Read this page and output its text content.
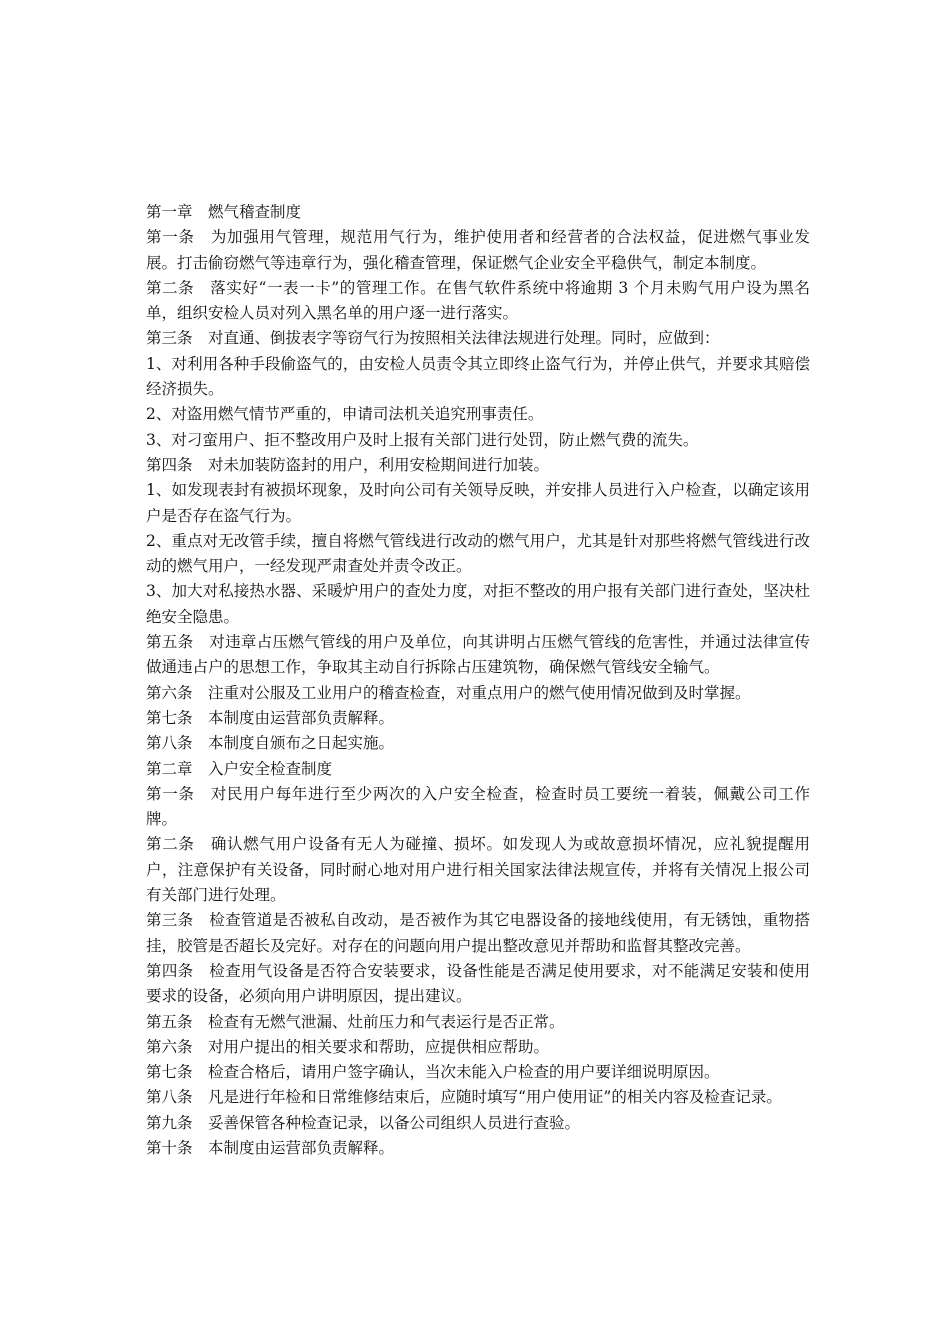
第一章　燃气稽查制度

第一条　为加强用气管理，规范用气行为，维护使用者和经营者的合法权益，促进燃气事业发展。打击偷窃燃气等违章行为，强化稽查管理，保证燃气企业安全平稳供气，制定本制度。

第二条　落实好“一表一卡”的管理工作。在售气软件系统中将逾期 3 个月未购气用户设为黑名单，组织安检人员对列入黑名单的用户逐一进行落实。

第三条　对直通、倒拔表字等窃气行为按照相关法律法规进行处理。同时，应做到：

1、对利用各种手段偷盗气的，由安检人员责令其立即终止盗气行为，并停止供气，并要求其赔偿经济损失。

2、对盗用燃气情节严重的，申请司法机关追究刑事责任。

3、对刁蛮用户、拒不整改用户及时上报有关部门进行处罚，防止燃气费的流失。

第四条　对未加装防盗封的用户，利用安检期间进行加装。

1、如发现表封有被损坏现象，及时向公司有关领导反映，并安排人员进行入户检查，以确定该用户是否存在盗气行为。

2、重点对无改管手续，擅自将燃气管线进行改动的燃气用户，尤其是针对那些将燃气管线进行改动的燃气用户，一经发现严肃查处并责令改正。

3、加大对私接热水器、采暖炉用户的查处力度，对拒不整改的用户报有关部门进行查处，坚决杜绝安全隐患。

第五条　对违章占压燃气管线的用户及单位，向其讲明占压燃气管线的危害性，并通过法律宣传做通违占户的思想工作，争取其主动自行拆除占压建筑物，确保燃气管线安全输气。

第六条　注重对公服及工业用户的稽查检查，对重点用户的燃气使用情况做到及时掌握。

第七条　本制度由运营部负责解释。

第八条　本制度自颁布之日起实施。

第二章　入户安全检查制度

第一条　对民用户每年进行至少两次的入户安全检查，检查时员工要统一着装，佩戴公司工作牌。

第二条　确认燃气用户设备有无人为碰撞、损坏。如发现人为或故意损坏情况，应礼貌提醒用户，注意保护有关设备，同时耐心地对用户进行相关国家法律法规宣传，并将有关情况上报公司有关部门进行处理。

第三条　检查管道是否被私自改动，是否被作为其它电器设备的接地线使用，有无锈蚀，重物搭挂，胶管是否超长及完好。对存在的问题向用户提出整改意见并帮助和监督其整改完善。

第四条　检查用气设备是否符合安装要求，设备性能是否满足使用要求，对不能满足安装和使用要求的设备，必须向用户讲明原因，提出建议。

第五条　检查有无燃气泄漏、灶前压力和气表运行是否正常。

第六条　对用户提出的相关要求和帮助，应提供相应帮助。

第七条　检查合格后，请用户签字确认，当次未能入户检查的用户要详细说明原因。

第八条　凡是进行年检和日常维修结束后，应随时填写“用户使用证”的相关内容及检查记录。

第九条　妥善保管各种检查记录，以备公司组织人员进行查验。

第十条　本制度由运营部负责解释。
